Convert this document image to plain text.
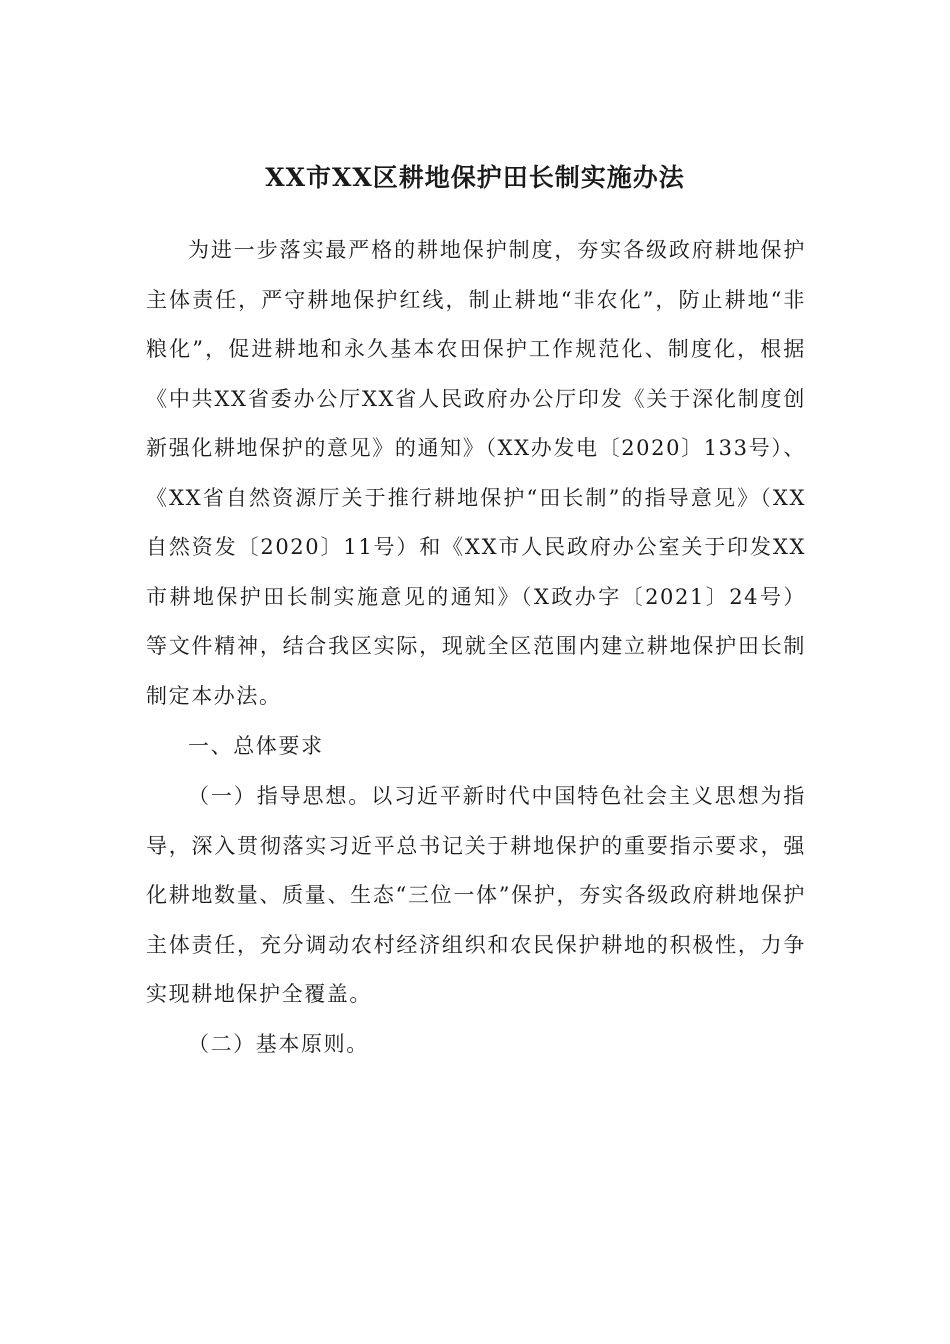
XX市XX区耕地保护田长制实施办法

为进一步落实最严格的耕地保护制度，夯实各级政府耕地保护主体责任，严守耕地保护红线，制止耕地“非农化”，防止耕地“非粮化”，促进耕地和永久基本农田保护工作规范化、制度化，根据《中共XX省委办公厅XX省人民政府办公厅印发《关于深化制度创新强化耕地保护的意见》的通知》（XX办发电〔2020〕133号）、《XX省自然资源厅关于推行耕地保护“田长制”的指导意见》（XX自然资发〔2020〕11号）和《XX市人民政府办公室关于印发XX市耕地保护田长制实施意见的通知》（X政办字〔2021〕24号）等文件精神，结合我区实际，现就全区范围内建立耕地保护田长制制定本办法。

一、总体要求

（一）指导思想。以习近平新时代中国特色社会主义思想为指导，深入贯彻落实习近平总书记关于耕地保护的重要指示要求，强化耕地数量、质量、生态“三位一体”保护，夯实各级政府耕地保护主体责任，充分调动农村经济组织和农民保护耕地的积极性，力争实现耕地保护全覆盖。

（二）基本原则。
